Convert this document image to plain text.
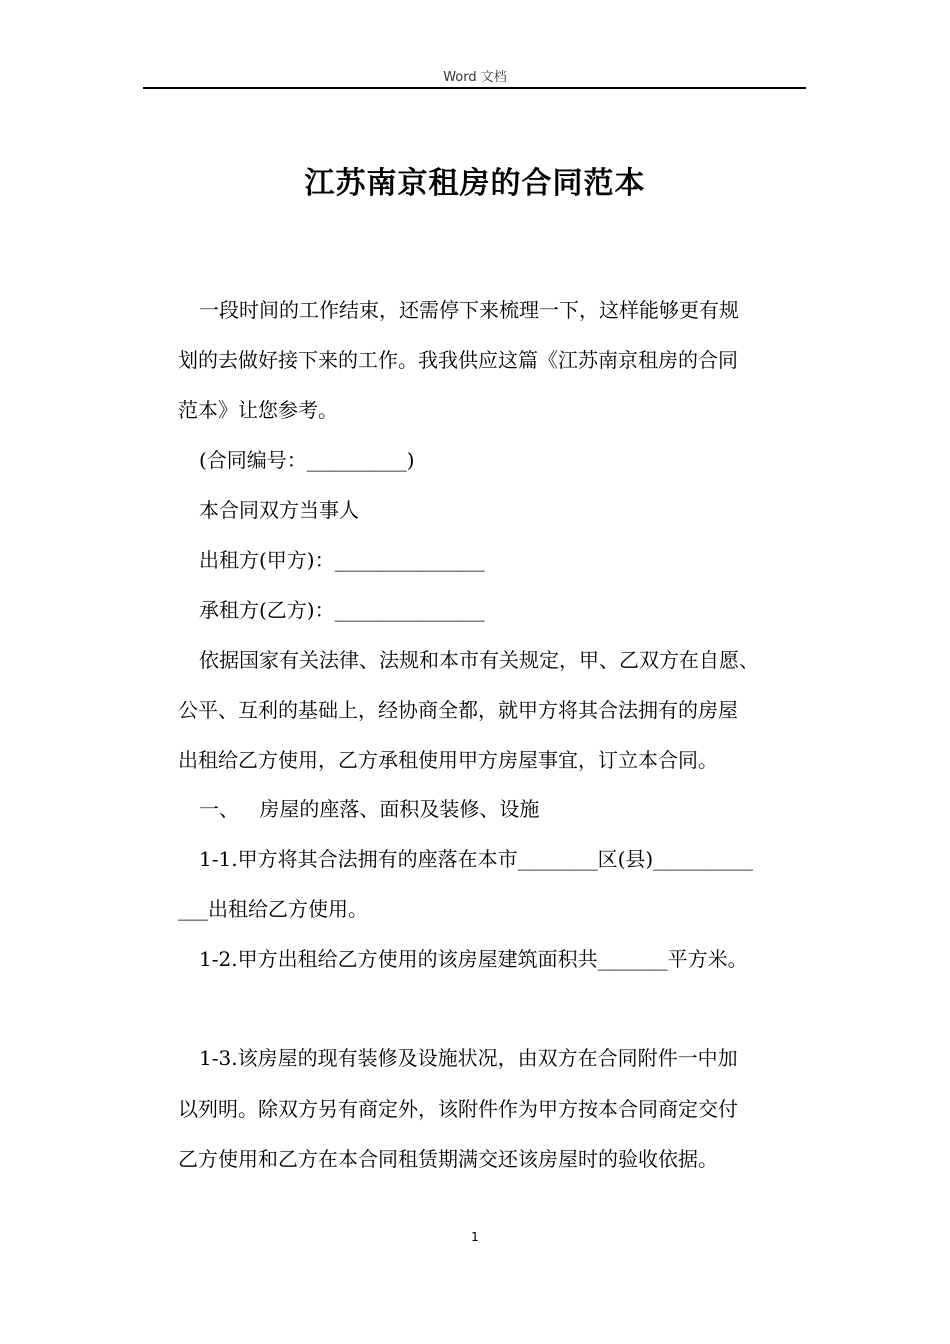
Word 文档
江苏南京租房的合同范本
一段时间的工作结束，还需停下来梳理一下，这样能够更有规
划的去做好接下来的工作。我我供应这篇《江苏南京租房的合同
范本》让您参考。
(合同编号：__________)
本合同双方当事人
出租方(甲方)：_______________
承租方(乙方)：_______________
依据国家有关法律、法规和本市有关规定，甲、乙双方在自愿、
公平、互利的基础上，经协商全都，就甲方将其合法拥有的房屋
出租给乙方使用，乙方承租使用甲方房屋事宜，订立本合同。
一、 房屋的座落、面积及装修、设施
1-1.甲方将其合法拥有的座落在本市________区(县)__________
___出租给乙方使用。
1-2.甲方出租给乙方使用的该房屋建筑面积共_______平方米。
1-3.该房屋的现有装修及设施状况，由双方在合同附件一中加
以列明。除双方另有商定外，该附件作为甲方按本合同商定交付
乙方使用和乙方在本合同租赁期满交还该房屋时的验收依据。
1
